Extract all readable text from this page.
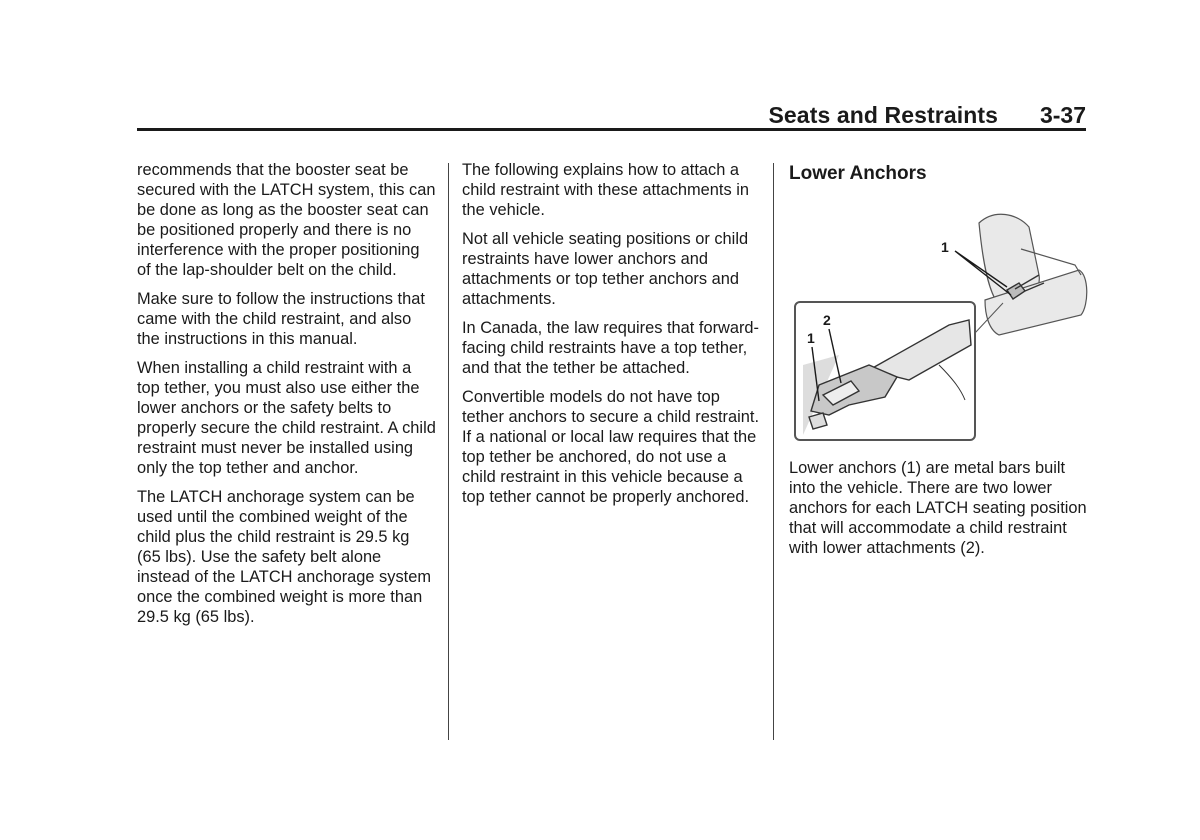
Seats and Restraints 3-37

recommends that the booster seat be secured with the LATCH system, this can be done as long as the booster seat can be positioned properly and there is no interference with the proper positioning of the lap-shoulder belt on the child.

Make sure to follow the instructions that came with the child restraint, and also the instructions in this manual.

When installing a child restraint with a top tether, you must also use either the lower anchors or the safety belts to properly secure the child restraint. A child restraint must never be installed using only the top tether and anchor.

The LATCH anchorage system can be used until the combined weight of the child plus the child restraint is 29.5 kg (65 lbs). Use the safety belt alone instead of the LATCH anchorage system once the combined weight is more than 29.5 kg (65 lbs).

The following explains how to attach a child restraint with these attachments in the vehicle.

Not all vehicle seating positions or child restraints have lower anchors and attachments or top tether anchors and attachments.

In Canada, the law requires that forward-facing child restraints have a top tether, and that the tether be attached.

Convertible models do not have top tether anchors to secure a child restraint. If a national or local law requires that the top tether be anchored, do not use a child restraint in this vehicle because a top tether cannot be properly anchored.

Lower Anchors

Lower anchors (1) are metal bars built into the vehicle. There are two lower anchors for each LATCH seating position that will accommodate a child restraint with lower attachments (2).

1
2
1
